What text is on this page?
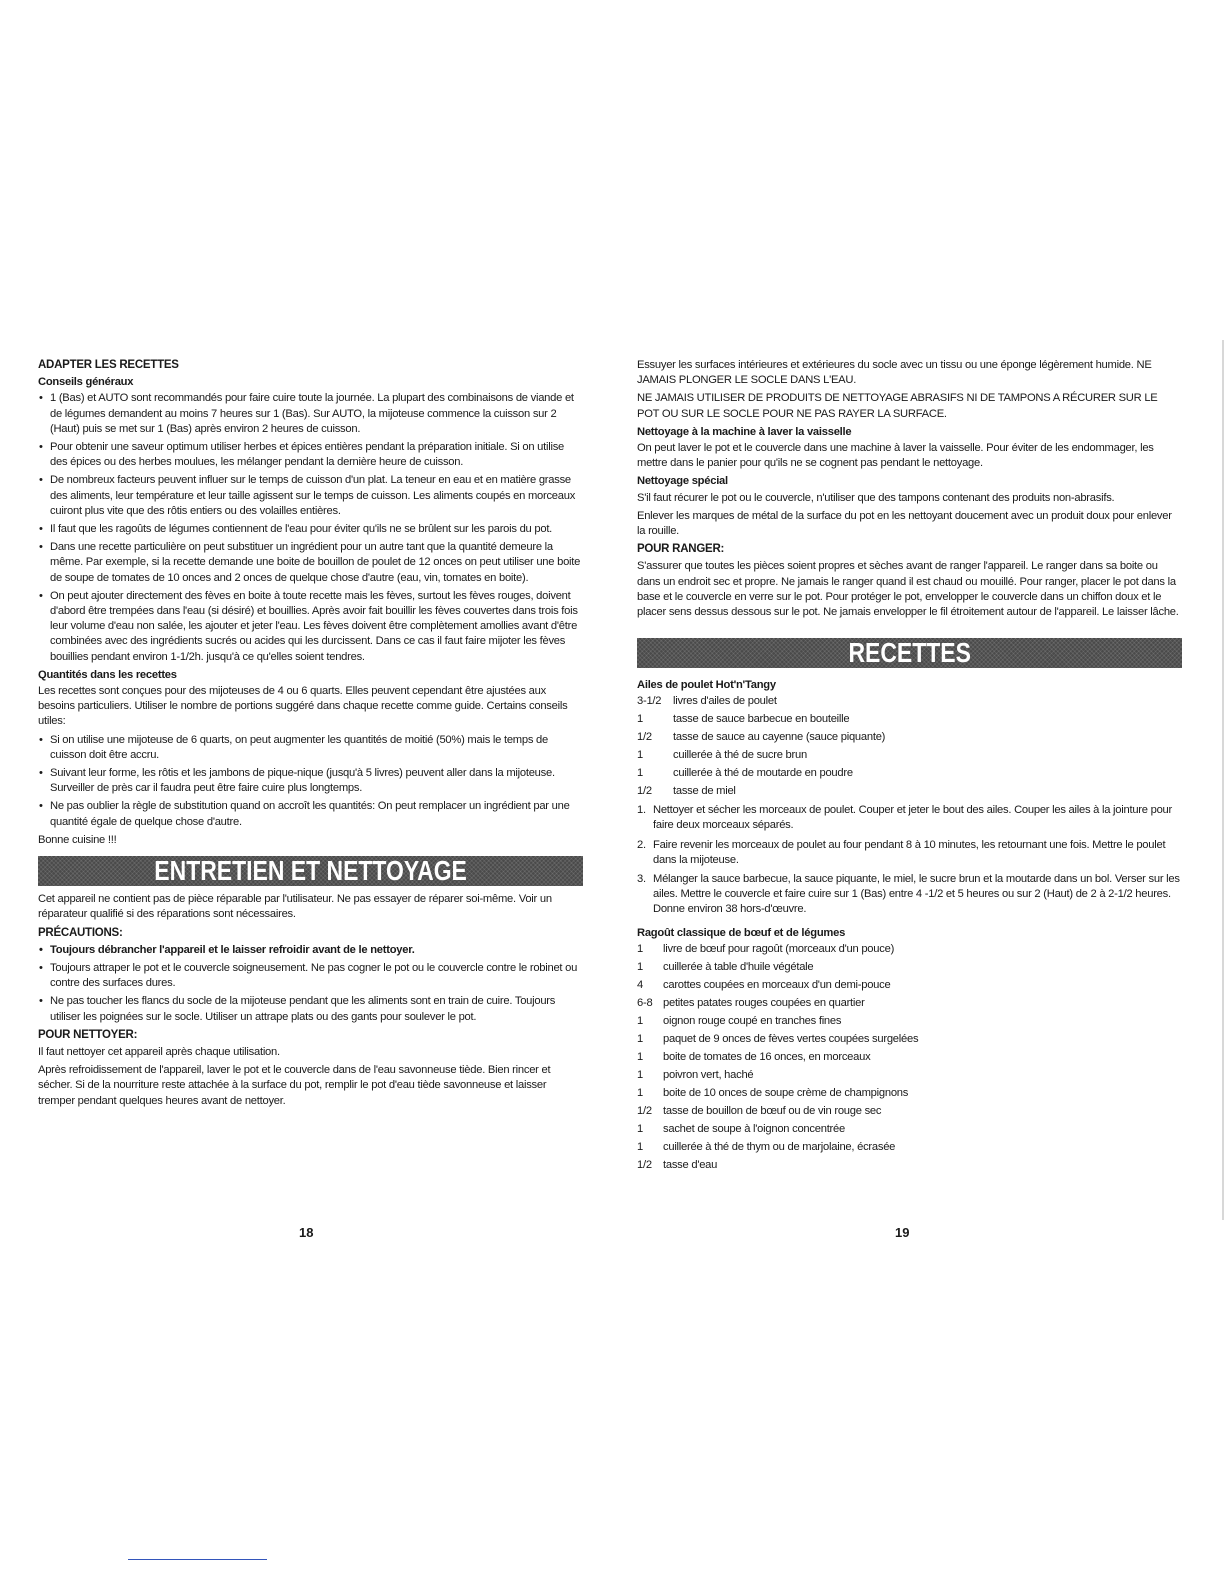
ADAPTER LES RECETTES
Conseils généraux
• 1 (Bas) et AUTO sont recommandés pour faire cuire toute la journée. La plupart des combinaisons de viande et de légumes demandent au moins 7 heures sur 1 (Bas). Sur AUTO, la mijoteuse commence la cuisson sur 2 (Haut) puis se met sur 1 (Bas) après environ 2 heures de cuisson.
• Pour obtenir une saveur optimum utiliser herbes et épices entières pendant la préparation initiale. Si on utilise des épices ou des herbes moulues, les mélanger pendant la dernière heure de cuisson.
• De nombreux facteurs peuvent influer sur le temps de cuisson d'un plat. La teneur en eau et en matière grasse des aliments, leur température et leur taille agissent sur le temps de cuisson. Les aliments coupés en morceaux cuiront plus vite que des rôtis entiers ou des volailles entières.
• Il faut que les ragoûts de légumes contiennent de l'eau pour éviter qu'ils ne se brûlent sur les parois du pot.
• Dans une recette particulière on peut substituer un ingrédient pour un autre tant que la quantité demeure la même. Par exemple, si la recette demande une boite de bouillon de poulet de 12 onces on peut utiliser une boite de soupe de tomates de 10 onces and 2 onces de quelque chose d'autre (eau, vin, tomates en boite).
• On peut ajouter directement des fèves en boite à toute recette mais les fèves, surtout les fèves rouges, doivent d'abord être trempées dans l'eau (si désiré) et bouillies. Après avoir fait bouillir les fèves couvertes dans trois fois leur volume d'eau non salée, les ajouter et jeter l'eau. Les fèves doivent être complètement amollies avant d'être combinées avec des ingrédients sucrés ou acides qui les durcissent. Dans ce cas il faut faire mijoter les fèves bouillies pendant environ 1-1/2h. jusqu'à ce qu'elles soient tendres.
Quantités dans les recettes

Les recettes sont conçues pour des mijoteuses de 4 ou 6 quarts. Elles peuvent cependant être ajustées aux besoins particuliers. Utiliser le nombre de portions suggéré dans chaque recette comme guide. Certains conseils utiles:

• Si on utilise une mijoteuse de 6 quarts, on peut augmenter les quantités de moitié (50%) mais le temps de cuisson doit être accru.
• Suivant leur forme, les rôtis et les jambons de pique-nique (jusqu'à 5 livres) peuvent aller dans la mijoteuse. Surveiller de près car il faudra peut être faire cuire plus longtemps.
• Ne pas oublier la règle de substitution quand on accroît les quantités: On peut remplacer un ingrédient par une quantité égale de quelque chose d'autre.

Bonne cuisine !!!

ENTRETIEN ET NETTOYAGE

Cet appareil ne contient pas de pièce réparable par l'utilisateur. Ne pas essayer de réparer soi-même. Voir un réparateur qualifié si des réparations sont nécessaires.

PRÉCAUTIONS:
• Toujours débrancher l'appareil et le laisser refroidir avant de le nettoyer.
• Toujours attraper le pot et le couvercle soigneusement. Ne pas cogner le pot ou le couvercle contre le robinet ou contre des surfaces dures.
• Ne pas toucher les flancs du socle de la mijoteuse pendant que les aliments sont en train de cuire. Toujours utiliser les poignées sur le socle. Utiliser un attrape plats ou des gants pour soulever le pot.
POUR NETTOYER:

Il faut nettoyer cet appareil après chaque utilisation.

Après refroidissement de l'appareil, laver le pot et le couvercle dans de l'eau savonneuse tiède. Bien rincer et sécher. Si de la nourriture reste attachée à la surface du pot, remplir le pot d'eau tiède savonneuse et laisser tremper pendant quelques heures avant de nettoyer.

Essuyer les surfaces intérieures et extérieures du socle avec un tissu ou une éponge légèrement humide. NE JAMAIS PLONGER LE SOCLE DANS L'EAU.

NE JAMAIS UTILISER DE PRODUITS DE NETTOYAGE ABRASIFS NI DE TAMPONS A RÉCURER SUR LE POT OU SUR LE SOCLE POUR NE PAS RAYER LA SURFACE.

Nettoyage à la machine à laver la vaisselle

On peut laver le pot et le couvercle dans une machine à laver la vaisselle. Pour éviter de les endommager, les mettre dans le panier pour qu'ils ne se cognent pas pendant le nettoyage.

Nettoyage spécial

S'il faut récurer le pot ou le couvercle, n'utiliser que des tampons contenant des produits non-abrasifs.

Enlever les marques de métal de la surface du pot en les nettoyant doucement avec un produit doux pour enlever la rouille.

POUR RANGER:

S'assurer que toutes les pièces soient propres et sèches avant de ranger l'appareil. Le ranger dans sa boite ou dans un endroit sec et propre. Ne jamais le ranger quand il est chaud ou mouillé. Pour ranger, placer le pot dans la base et le couvercle en verre sur le pot. Pour protéger le pot, envelopper le couvercle dans un chiffon doux et le placer sens dessus dessous sur le pot. Ne jamais envelopper le fil étroitement autour de l'appareil. Le laisser lâche.

RECETTES
Ailes de poulet Hot'n'Tangy
3-1/2	livres d'ailes de poulet
1	tasse de sauce barbecue en bouteille
1/2	tasse de sauce au cayenne (sauce piquante)
1	cuillerée à thé de sucre brun
1	cuillerée à thé de moutarde en poudre
1/2	tasse de miel
1. Nettoyer et sécher les morceaux de poulet. Couper et jeter le bout des ailes. Couper les ailes à la jointure pour faire deux morceaux séparés.
2. Faire revenir les morceaux de poulet au four pendant 8 à 10 minutes, les retournant une fois. Mettre le poulet dans la mijoteuse.
3. Mélanger la sauce barbecue, la sauce piquante, le miel, le sucre brun et la moutarde dans un bol. Verser sur les ailes. Mettre le couvercle et faire cuire sur 1 (Bas) entre 4 -1/2 et 5 heures ou sur 2 (Haut) de 2 à 2-1/2 heures. Donne environ 38 hors-d'œuvre.
Ragoût classique de bœuf et de légumes
1	livre de bœuf pour ragoût (morceaux d'un pouce)
1	cuillerée à table d'huile végétale
4	carottes coupées en morceaux d'un demi-pouce
6-8 petites patates rouges coupées en quartier
1	oignon rouge coupé en tranches fines
1	paquet de 9 onces de fèves vertes coupées surgelées
1	boite de tomates de 16 onces, en morceaux
1	poivron vert, haché
1	boite de 10 onces de soupe crème de champignons
1/2 tasse de bouillon de bœuf ou de vin rouge sec
1	sachet de soupe à l'oignon concentrée
1	cuillerée à thé de thym ou de marjolaine, écrasée
1/2 tasse d'eau
18	19
